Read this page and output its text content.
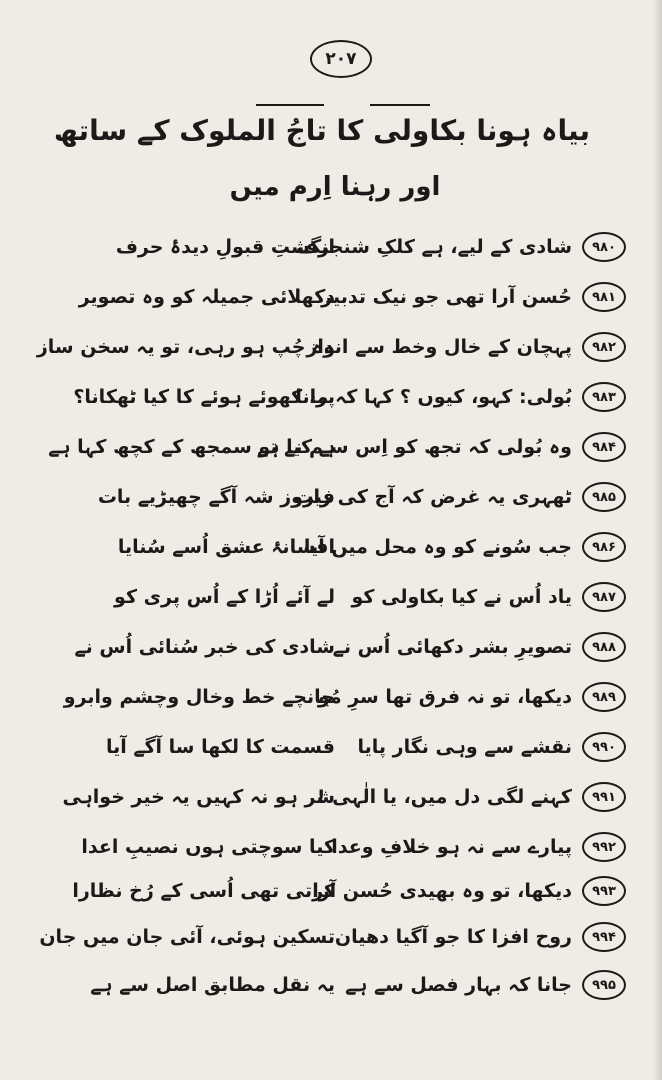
۲۰۷
بیاہ ہونا بکاولی کا تاجُ الملوک کے ساتھ
اور رہنا اِرم میں
۹۸۰
شادی کے لیے، ہے کلکِ شنجرف
انگشتِ قبولِ دیدۂ حرف
۹۸۱
حُسن آرا تھی جو نیک تدبیر
دکھلائی جمیلہ کو وہ تصویر
۹۸۲
پہچان کے خال وخط سے انداز
وہ چُپ ہو رہی، تو یہ سخن ساز
۹۸۳
بُولی: کہو، کیوں ؟ کہا کہ مانا
پر، کھوئے ہوئے کا کیا ٹھکانا؟
۹۸۴
وہ بُولی کہ تجھ کو اِس سے کیا ہے
ہم نے تو سمجھ کے کچھ کہا ہے
۹۸۵
ٹھہری یہ غرض کہ آج کی رات
فیروز شہ آگے چھیڑیے بات
۹۸۶
جب سُونے کو وہ محل میں آیا
افسانۂ عشق اُسے سُنایا
۹۸۷
یاد اُس نے کیا بکاولی کو
لے آئے اُڑا کے اُس پری کو
۹۸۸
تصویرِ بشر دکھائی اُس نے
شادی کی خبر سُنائی اُس نے
۹۸۹
دیکھا، تو نہ فرق تھا سرِ مُو
جانچے خط وخال وچشم وابرو
۹۹۰
نقشے سے وہی نگار پایا
قسمت کا لکھا سا آگے آیا
۹۹۱
کہنے لگی دل میں، یا الٰہی !
شر ہو نہ کہیں یہ خیر خواہی
۹۹۲
پیارے سے نہ ہو خلافِ وعدا
کیا سوچتی ہوں نصیبِ اعدا
۹۹۳
دیکھا، تو وہ بھیدی حُسن آرا
کرتی تھی اُسی کے رُخ نظارا
۹۹۴
روح افزا کا جو آگیا دھیان
تسکین ہوئی، آئی جان میں جان
۹۹۵
جانا کہ بہار فصل سے ہے
یہ نقل مطابق اصل سے ہے
